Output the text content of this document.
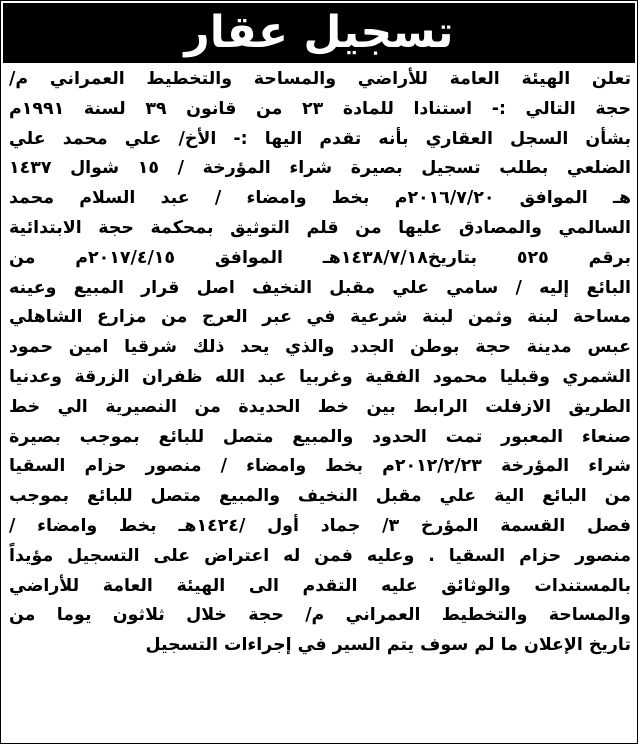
تسجيل عقار
تعلن الهيئة العامة للأراضي والمساحة والتخطيط العمراني م/
حجة التالي :- استنادا للمادة ٢٣ من قانون ٣٩ لسنة ١٩٩١م
بشأن السجل العقاري بأنه تقدم اليها :- الأخ/ علي محمد علي
الضلعي بطلب تسجيل بصيرة شراء المؤرخة / ١٥ شوال ١٤٣٧
هـ الموافق ٢٠١٦/٧/٢٠م بخط وامضاء / عبد السلام محمد
السالمي والمصادق عليها من قلم التوثيق بمحكمة حجة الابتدائية
برقم ٥٢٥ بتاريخ١٤٣٨/٧/١٨هـ الموافق ٢٠١٧/٤/١٥م من
البائع إليه / سامي علي مقبل النخيف اصل قرار المبيع وعينه
مساحة لبنة وثمن لبنة شرعية في عبر العرج من مزارع الشاهلي
عبس مدينة حجة بوطن الجدد والذي يحد ذلك شرقيا امين حمود
الشمري وقبليا محمود الفقية وغربيا عبد الله ظفران الزرقة وعدنيا
الطريق الازفلت الرابط بين خط الحديدة من النصيرية الي خط
صنعاء المعبور تمت الحدود والمبيع متصل للبائع بموجب بصيرة
شراء المؤرخة ٢٠١٢/٢/٢٣م بخط وامضاء / منصور حزام السقيا
من البائع الية علي مقبل النخيف والمبيع متصل للبائع بموجب
فصل القسمة المؤرخ ٣/ جماد أول /١٤٢٤هـ بخط وامضاء /
منصور حزام السقيا . وعليه فمن له اعتراض على التسجيل مؤيداً
بالمستندات والوثائق عليه التقدم الى الهيئة العامة للأراضي
والمساحة والتخطيط العمراني م/ حجة خلال ثلاثون يوما من
تاريخ الإعلان ما لم سوف يتم السير في إجراءات التسجيل
